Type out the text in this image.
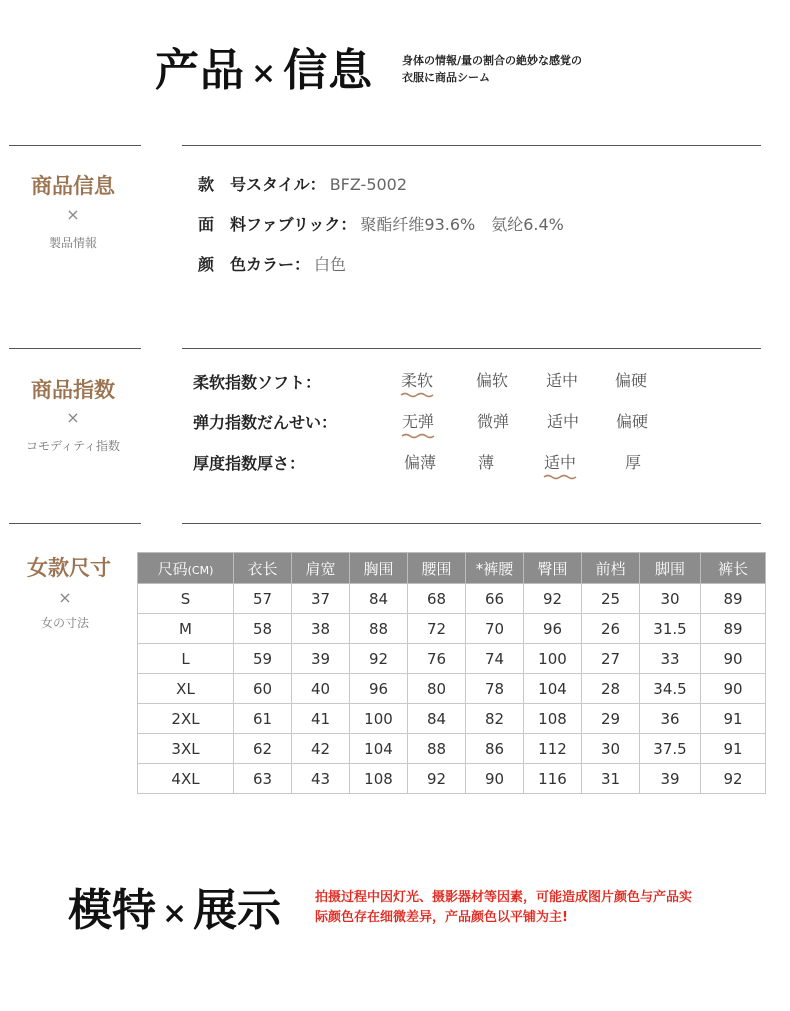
产品 × 信息	身体の情報/量の割合の絶妙な感覚の
衣服に商品シーム
商品信息
×
製品情報
款　号スタイル： BFZ-5002
面　料ファブリック： 聚酯纤维93.6%　氨纶6.4%
颜　色カラー： 白色
商品指数
×
コモディティ指数
柔软指数ソフト：	柔软	偏软	适中	偏硬
弹力指数だんせい：	无弹	微弹	适中	偏硬
厚度指数厚さ：	偏薄	薄	适中	厚
女款尺寸
×
女の寸法
尺码(CM)	衣长	肩宽	胸围	腰围	*裤腰	臀围	前档	脚围	裤长
S	57	37	84	68	66	92	25	30	89
M	58	38	88	72	70	96	26	31.5	89
L	59	39	92	76	74	100	27	33	90
XL	60	40	96	80	78	104	28	34.5	90
2XL	61	41	100	84	82	108	29	36	91
3XL	62	42	104	88	86	112	30	37.5	91
4XL	63	43	108	92	90	116	31	39	92
模特 × 展示	拍摄过程中因灯光、摄影器材等因素，可能造成图片颜色与产品实
际颜色存在细微差异，产品颜色以平铺为主!
